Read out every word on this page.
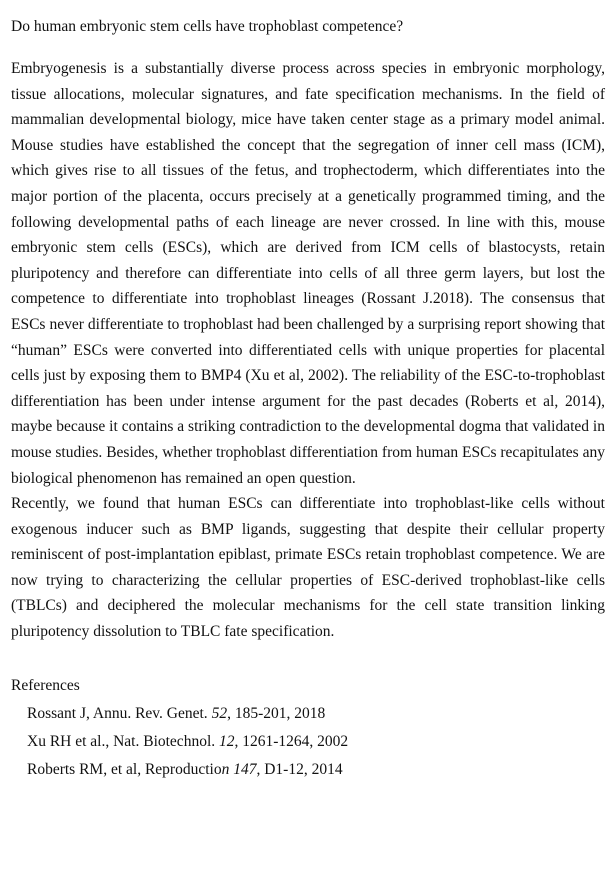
Do human embryonic stem cells have trophoblast competence?

Embryogenesis is a substantially diverse process across species in embryonic morphology, tissue allocations, molecular signatures, and fate specification mechanisms. In the field of mammalian developmental biology, mice have taken center stage as a primary model animal. Mouse studies have established the concept that the segregation of inner cell mass (ICM), which gives rise to all tissues of the fetus, and trophectoderm, which differentiates into the major portion of the placenta, occurs precisely at a genetically programmed timing, and the following developmental paths of each lineage are never crossed. In line with this, mouse embryonic stem cells (ESCs), which are derived from ICM cells of blastocysts, retain pluripotency and therefore can differentiate into cells of all three germ layers, but lost the competence to differentiate into trophoblast lineages (Rossant J.2018). The consensus that ESCs never differentiate to trophoblast had been challenged by a surprising report showing that “human” ESCs were converted into differentiated cells with unique properties for placental cells just by exposing them to BMP4 (Xu et al, 2002). The reliability of the ESC-to-trophoblast differentiation has been under intense argument for the past decades (Roberts et al, 2014), maybe because it contains a striking contradiction to the developmental dogma that validated in mouse studies. Besides, whether trophoblast differentiation from human ESCs recapitulates any biological phenomenon has remained an open question.

Recently, we found that human ESCs can differentiate into trophoblast-like cells without exogenous inducer such as BMP ligands, suggesting that despite their cellular property reminiscent of post-implantation epiblast, primate ESCs retain trophoblast competence. We are now trying to characterizing the cellular properties of ESC-derived trophoblast-like cells (TBLCs) and deciphered the molecular mechanisms for the cell state transition linking pluripotency dissolution to TBLC fate specification.

References

Rossant J, Annu. Rev. Genet. 52, 185-201, 2018

Xu RH et al., Nat. Biotechnol. 12, 1261-1264, 2002

Roberts RM, et al, Reproduction 147, D1-12, 2014
